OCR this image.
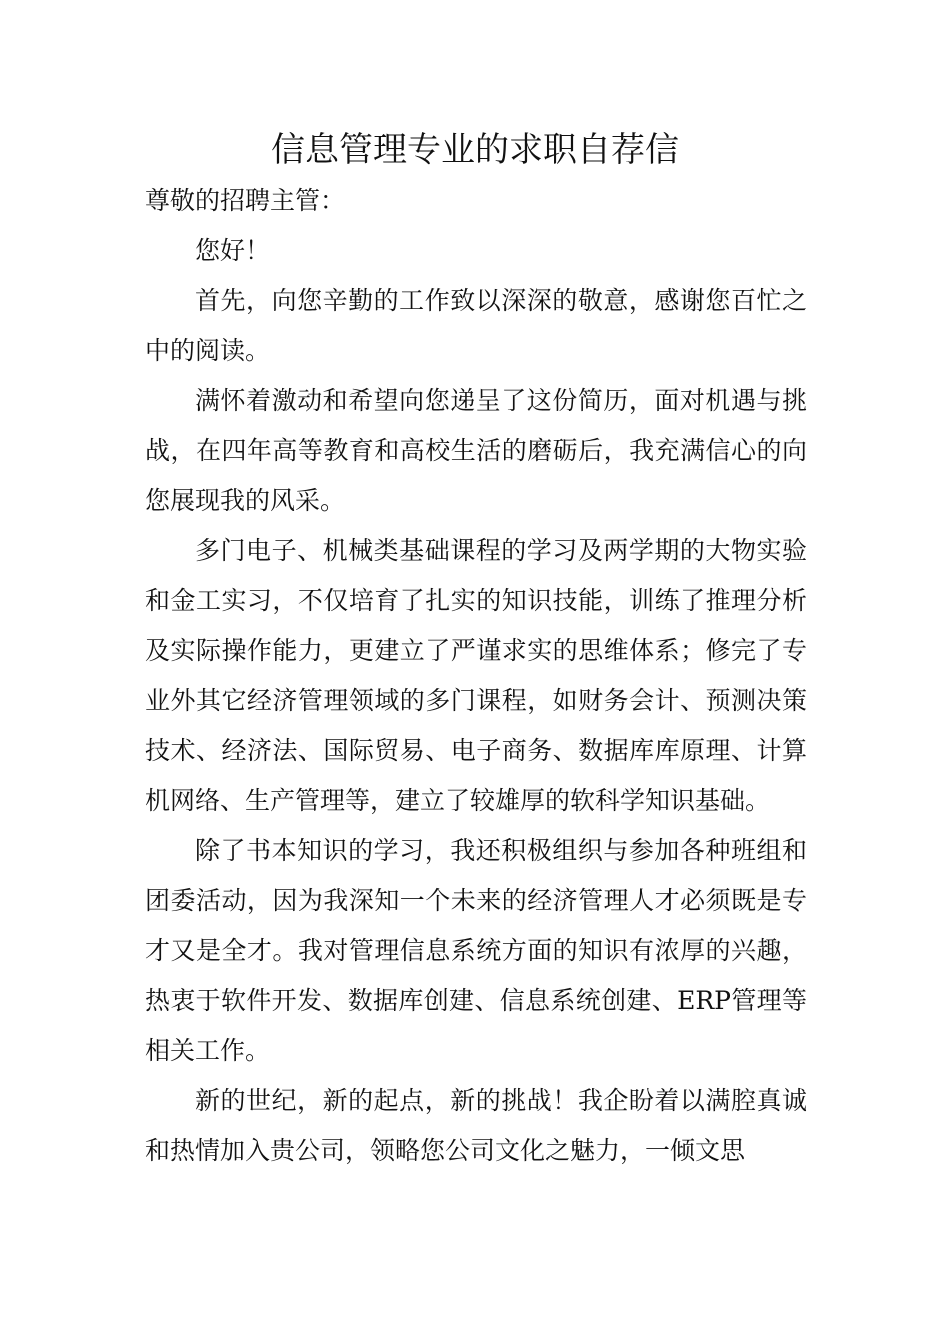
信息管理专业的求职自荐信

尊敬的招聘主管：

您好！

首先，向您辛勤的工作致以深深的敬意，感谢您百忙之中的阅读。

满怀着激动和希望向您递呈了这份简历，面对机遇与挑战，在四年高等教育和高校生活的磨砺后，我充满信心的向您展现我的风采。

多门电子、机械类基础课程的学习及两学期的大物实验和金工实习，不仅培育了扎实的知识技能，训练了推理分析及实际操作能力，更建立了严谨求实的思维体系；修完了专业外其它经济管理领域的多门课程，如财务会计、预测决策技术、经济法、国际贸易、电子商务、数据库库原理、计算机网络、生产管理等，建立了较雄厚的软科学知识基础。

除了书本知识的学习，我还积极组织与参加各种班组和团委活动，因为我深知一个未来的经济管理人才必须既是专才又是全才。我对管理信息系统方面的知识有浓厚的兴趣，热衷于软件开发、数据库创建、信息系统创建、ERP管理等相关工作。

新的世纪，新的起点，新的挑战！我企盼着以满腔真诚和热情加入贵公司，领略您公司文化之魅力，一倾文思
